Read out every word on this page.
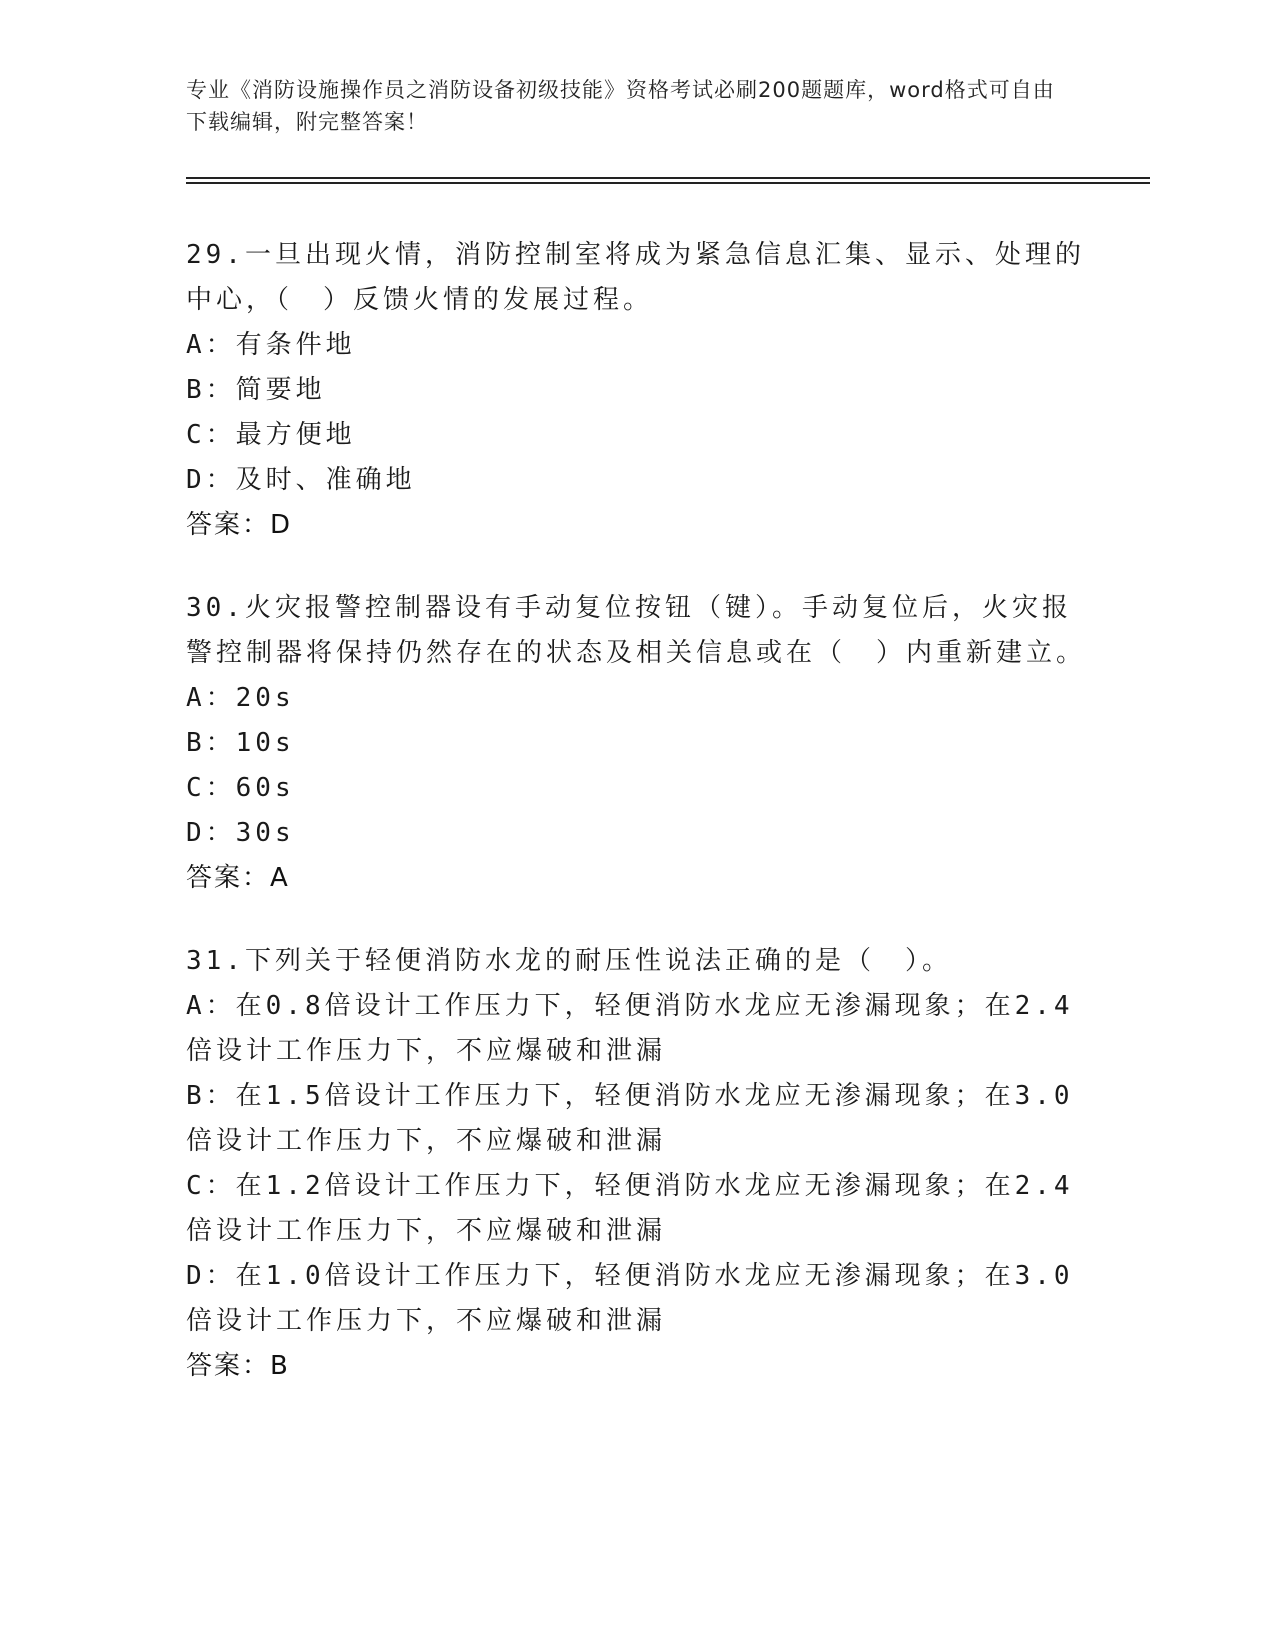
专业《消防设施操作员之消防设备初级技能》资格考试必刷200题题库，word格式可自由下载编辑，附完整答案！

29.一旦出现火情，消防控制室将成为紧急信息汇集、显示、处理的中心，（　）反馈火情的发展过程。

A：有条件地

B：简要地

C：最方便地

D：及时、准确地

答案：D

30.火灾报警控制器设有手动复位按钮（键）。手动复位后，火灾报警控制器将保持仍然存在的状态及相关信息或在（　）内重新建立。

A：20s

B：10s

C：60s

D：30s

答案：A

31.下列关于轻便消防水龙的耐压性说法正确的是（　）。

A：在0.8倍设计工作压力下，轻便消防水龙应无渗漏现象；在2.4倍设计工作压力下，不应爆破和泄漏

B：在1.5倍设计工作压力下，轻便消防水龙应无渗漏现象；在3.0倍设计工作压力下，不应爆破和泄漏

C：在1.2倍设计工作压力下，轻便消防水龙应无渗漏现象；在2.4倍设计工作压力下，不应爆破和泄漏

D：在1.0倍设计工作压力下，轻便消防水龙应无渗漏现象；在3.0倍设计工作压力下，不应爆破和泄漏

答案：B
